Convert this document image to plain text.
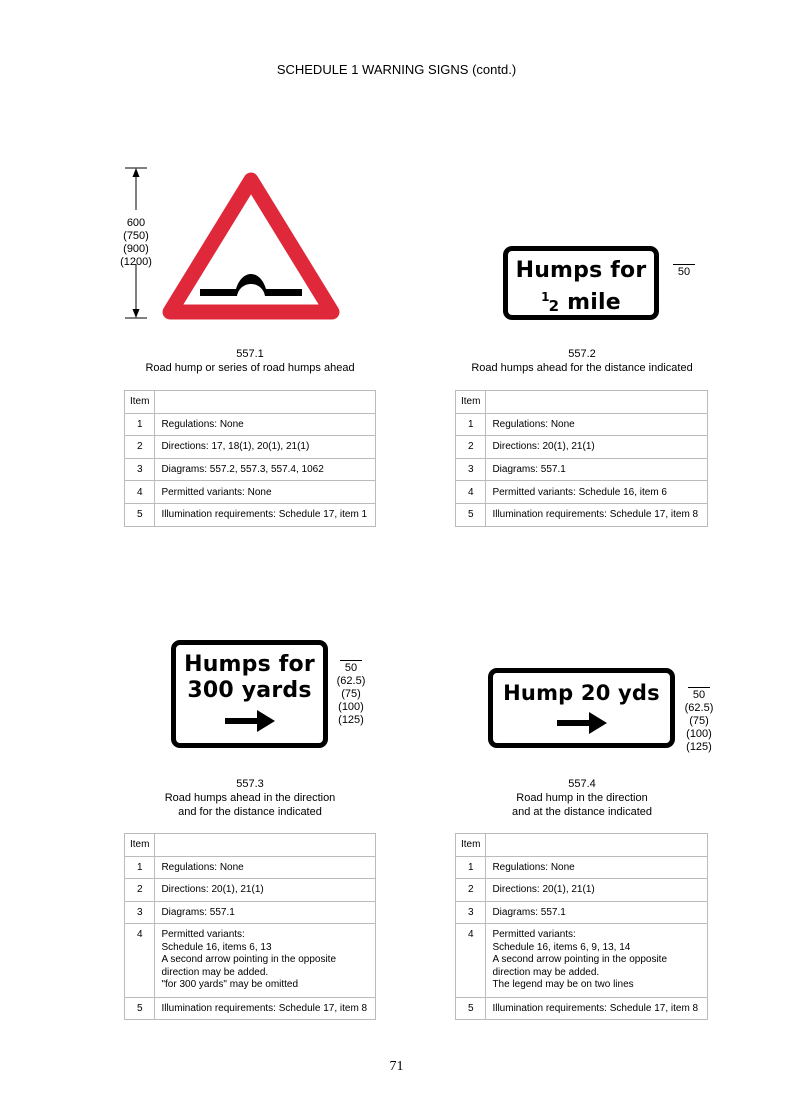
SCHEDULE 1 WARNING SIGNS (contd.)
600
(750)
(900)
(1200)
557.1
Road hump or series of road humps ahead
Item	
1	Regulations: None
2	Directions: 17, 18(1), 20(1), 21(1)
3	Diagrams: 557.2, 557.3, 557.4, 1062
4	Permitted variants: None
5	Illumination requirements: Schedule 17, item 1
Humps for
$^1_2$ mile
50
557.2
Road humps ahead for the distance indicated
Item	
1	Regulations: None
2	Directions: 20(1), 21(1)
3	Diagrams: 557.1
4	Permitted variants: Schedule 16, item 6
5	Illumination requirements: Schedule 17, item 8
Humps for
300 yards
50
(62.5)
(75)
(100)
(125)
557.3
Road humps ahead in the direction
and for the distance indicated
Item	
1	Regulations: None
2	Directions: 20(1), 21(1)
3	Diagrams: 557.1
4	Permitted variants:
Schedule 16, items 6, 13
A second arrow pointing in the opposite
direction may be added.
"for 300 yards" may be omitted

5	Illumination requirements: Schedule 17, item 8
Hump 20 yds	50
(62.5)
(75)
(100)
(125)
557.4
Road hump in the direction
and at the distance indicated
Item	
1	Regulations: None
2	Directions: 20(1), 21(1)
3	Diagrams: 557.1
4	Permitted variants:
Schedule 16, items 6, 9, 13, 14
A second arrow pointing in the opposite
direction may be added.
The legend may be on two lines

5	Illumination requirements: Schedule 17, item 8
71
